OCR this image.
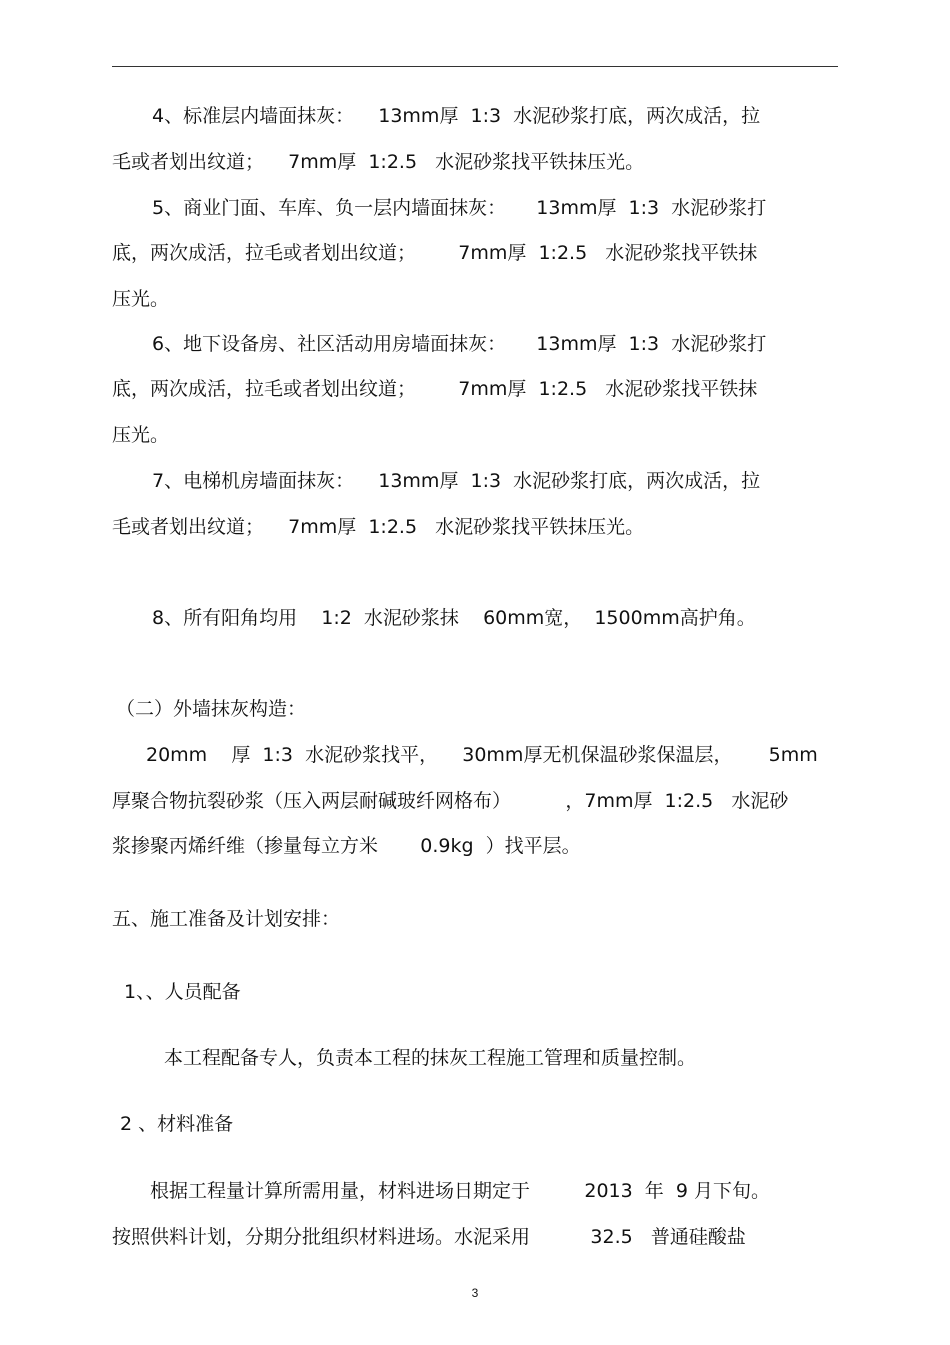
4、标准层内墙面抹灰：    13mm厚  1:3  水泥砂浆打底，两次成活，拉
毛或者划出纹道；    7mm厚  1:2.5   水泥砂浆找平铁抹压光。
5、商业门面、车库、负一层内墙面抹灰：     13mm厚  1:3  水泥砂浆打
底，两次成活，拉毛或者划出纹道；       7mm厚  1:2.5   水泥砂浆找平铁抹
压光。
6、地下设备房、社区活动用房墙面抹灰：     13mm厚  1:3  水泥砂浆打
底，两次成活，拉毛或者划出纹道；       7mm厚  1:2.5   水泥砂浆找平铁抹
压光。
7、电梯机房墙面抹灰：    13mm厚  1:3  水泥砂浆打底，两次成活，拉
毛或者划出纹道；    7mm厚  1:2.5   水泥砂浆找平铁抹压光。
8、所有阳角均用    1:2  水泥砂浆抹    60mm宽，  1500mm高护角。
（二）外墙抹灰构造：
20mm    厚  1:3  水泥砂浆找平，    30mm厚无机保温砂浆保温层，      5mm
厚聚合物抗裂砂浆（压入两层耐碱玻纤网格布）         ，7mm厚  1:2.5   水泥砂
浆掺聚丙烯纤维（掺量每立方米       0.9kg  ）找平层。
五、施工准备及计划安排：
1、、人员配备
本工程配备专人，负责本工程的抹灰工程施工管理和质量控制。
2 、材料准备
根据工程量计算所需用量，材料进场日期定于         2013  年  9 月下旬。
按照供料计划，分期分批组织材料进场。水泥采用          32.5   普通硅酸盐
3
